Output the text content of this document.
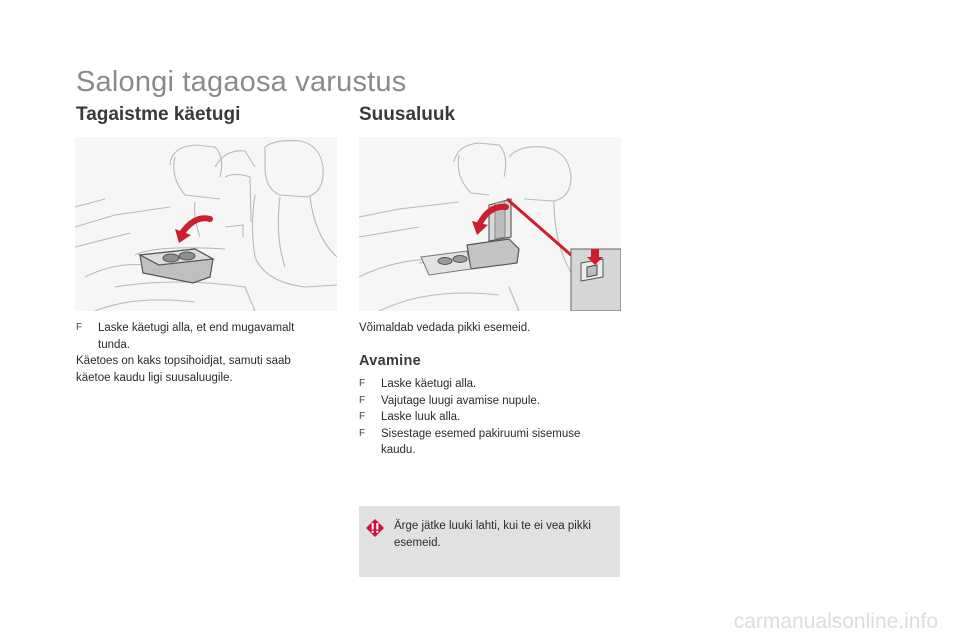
Salongi tagaosa varustus
Tagaistme käetugi	Suusaluuk
F Laske käetugi alla, et end mugavamalt tunda.
Käetoes on kaks topsihoidjat, samuti saab käetoe kaudu ligi suusaluugile.
Võimaldab vedada pikki esemeid.
Avamine
F Laske käetugi alla.
F Vajutage luugi avamise nupule.
F Laske luuk alla.
F Sisestage esemed pakiruumi sisemuse kaudu.
Ärge jätke luuki lahti, kui te ei vea pikki esemeid.
carmanualsonline.info
